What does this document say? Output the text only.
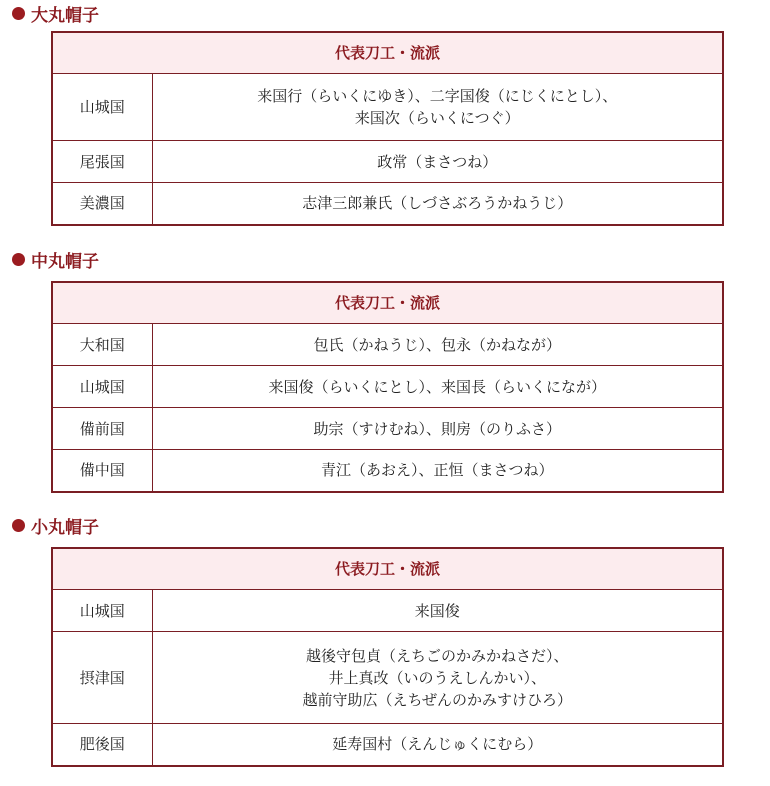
大丸帽子
代表刀工・流派	
山城国	来国行（らいくにゆき）、二字国俊（にじくにとし）、
来国次（らいくにつぐ）

尾張国	政常（まさつね）

美濃国	志津三郎兼氏（しづさぶろうかねうじ）
中丸帽子
代表刀工・流派	
大和国	包氏（かねうじ）、包永（かねなが）

山城国	来国俊（らいくにとし）、来国長（らいくになが）

備前国	助宗（すけむね）、則房（のりふさ）

備中国	青江（あおえ）、正恒（まさつね）
小丸帽子
代表刀工・流派	
山城国	来国俊

摂津国	越後守包貞（えちごのかみかねさだ）、
井上真改（いのうえしんかい）、
越前守助広（えちぜんのかみすけひろ）

肥後国	延寿国村（えんじゅくにむら）
